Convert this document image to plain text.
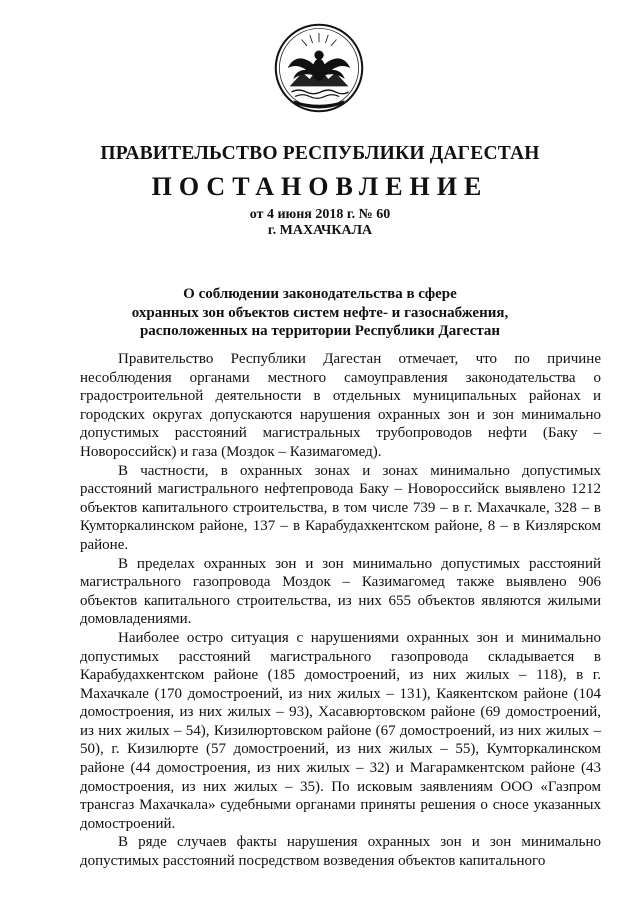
ПРАВИТЕЛЬСТВО РЕСПУБЛИКИ ДАГЕСТАН
ПОСТАНОВЛЕНИЕ
от 4 июня 2018 г. № 60
г. МАХАЧКАЛА
О соблюдении законодательства в сфере
охранных зон объектов систем нефте- и газоснабжения,
расположенных на территории Республики Дагестан

Правительство Республики Дагестан отмечает, что по причине несоблюдения органами местного самоуправления законодательства о градостроительной деятельности в отдельных муниципальных районах и городских округах допускаются нарушения охранных зон и зон минимально допустимых расстояний магистральных трубопроводов нефти (Баку – Новороссийск) и газа (Моздок – Казимагомед).

В частности, в охранных зонах и зонах минимально допустимых расстояний магистрального нефтепровода Баку – Новороссийск выявлено 1212 объектов капитального строительства, в том числе 739 – в г. Махачкале, 328 – в Кумторкалинском районе, 137 – в Карабудахкентском районе, 8 – в Кизлярском районе.

В пределах охранных зон и зон минимально допустимых расстояний магистрального газопровода Моздок – Казимагомед также выявлено 906 объектов капитального строительства, из них 655 объектов являются жилыми домовладениями.

Наиболее остро ситуация с нарушениями охранных зон и минимально допустимых расстояний магистрального газопровода складывается в Карабудахкентском районе (185 домостроений, из них жилых – 118), в г. Махачкале (170 домостроений, из них жилых – 131), Каякентском районе (104 домостроения, из них жилых – 93), Хасавюртовском районе (69 домостроений, из них жилых – 54), Кизилюртовском районе (67 домостроений, из них жилых – 50), г. Кизилюрте (57 домостроений, из них жилых – 55), Кумторкалинском районе (44 домостроения, из них жилых – 32) и Магарамкентском районе (43 домостроения, из них жилых – 35). По исковым заявлениям ООО «Газпром трансгаз Махачкала» судебными органами приняты решения о сносе указанных домостроений.

В ряде случаев факты нарушения охранных зон и зон минимально допустимых расстояний посредством возведения объектов капитального
